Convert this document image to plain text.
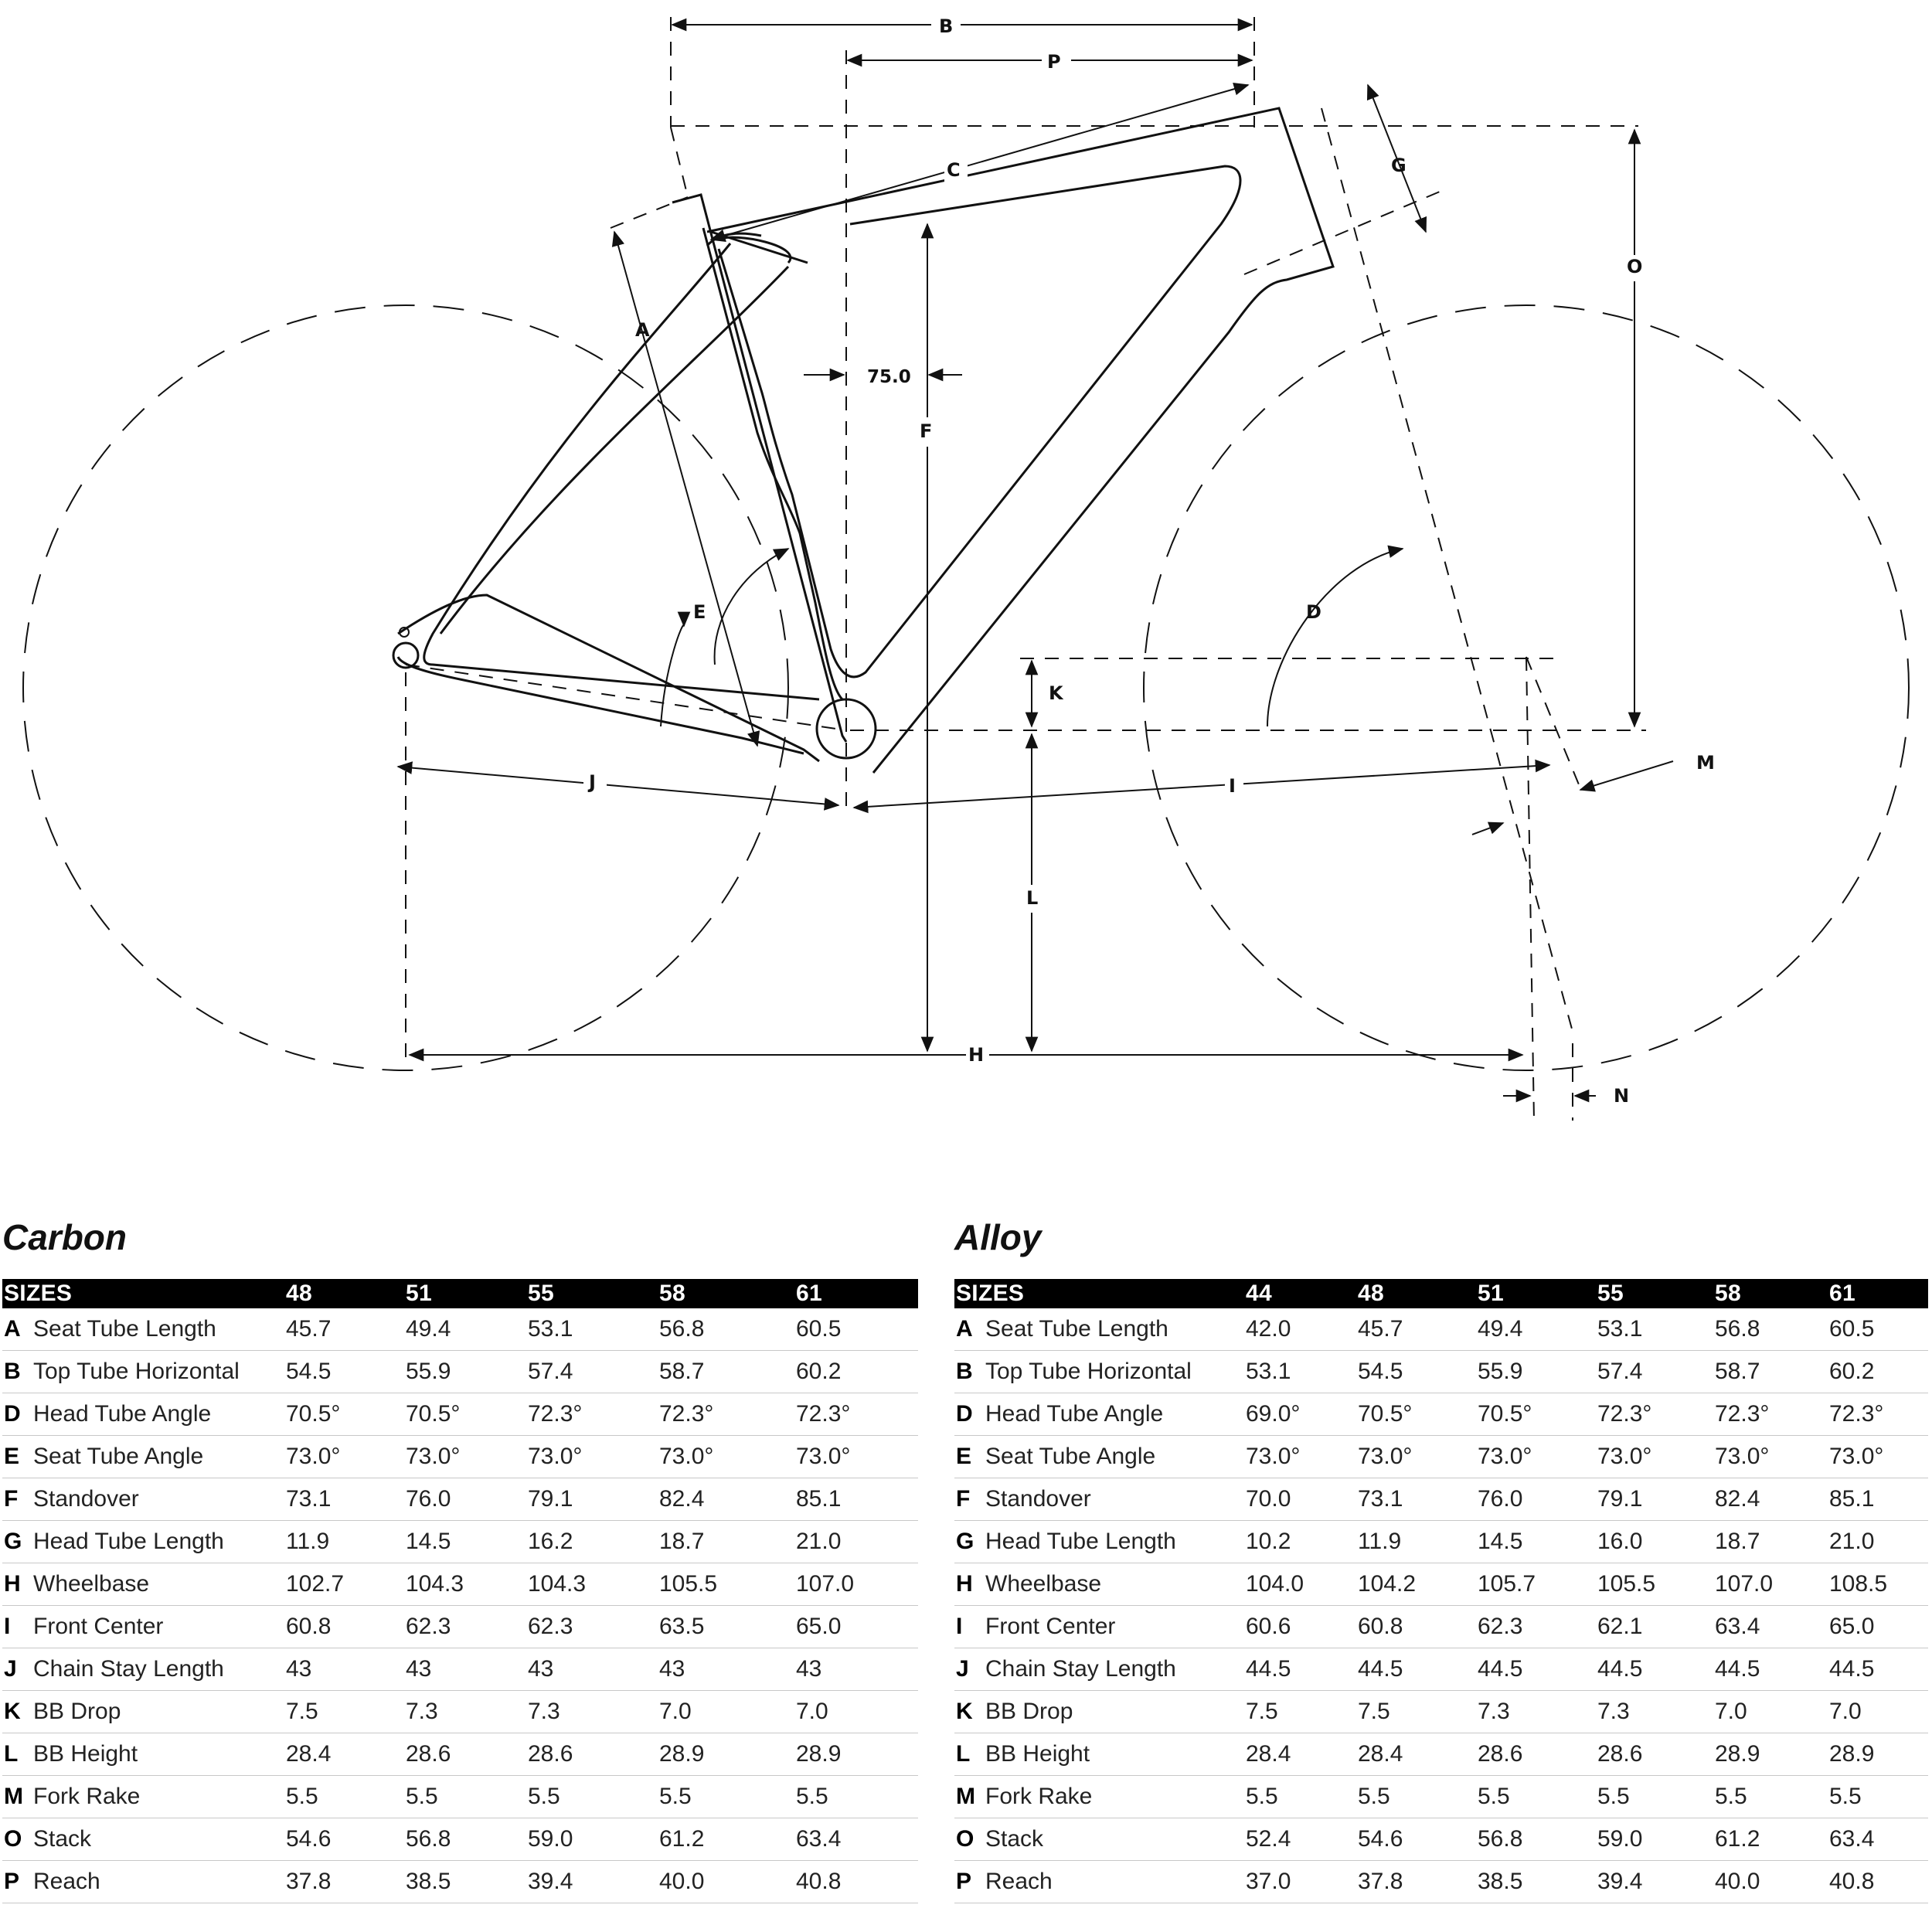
B
P
C	G
O
A
F
75.0
E	D
K
M
J	I
L
H
N
Carbon
SIZES	48	51	55	58	61
A Seat Tube Length	45.7	49.4	53.1	56.8	60.5
B Top Tube Horizontal	54.5	55.9	57.4	58.7	60.2
D Head Tube Angle	70.5°	70.5°	72.3°	72.3°	72.3°
E Seat Tube Angle	73.0°	73.0°	73.0°	73.0°	73.0°
F Standover	73.1	76.0	79.1	82.4	85.1
G Head Tube Length	11.9	14.5	16.2	18.7	21.0
H Wheelbase	102.7	104.3	104.3	105.5	107.0
I Front Center	60.8	62.3	62.3	63.5	65.0
J Chain Stay Length	43	43	43	43	43
K BB Drop	7.5	7.3	7.3	7.0	7.0
L BB Height	28.4	28.6	28.6	28.9	28.9
M Fork Rake	5.5	5.5	5.5	5.5	5.5
O Stack	54.6	56.8	59.0	61.2	63.4
P Reach	37.8	38.5	39.4	40.0	40.8
Alloy
SIZES	44	48	51	55	58	61
A Seat Tube Length	42.0	45.7	49.4	53.1	56.8	60.5
B Top Tube Horizontal	53.1	54.5	55.9	57.4	58.7	60.2
D Head Tube Angle	69.0°	70.5°	70.5°	72.3°	72.3°	72.3°
E Seat Tube Angle	73.0°	73.0°	73.0°	73.0°	73.0°	73.0°
F Standover	70.0	73.1	76.0	79.1	82.4	85.1
G Head Tube Length	10.2	11.9	14.5	16.0	18.7	21.0
H Wheelbase	104.0	104.2	105.7	105.5	107.0	108.5
I Front Center	60.6	60.8	62.3	62.1	63.4	65.0
J Chain Stay Length	44.5	44.5	44.5	44.5	44.5	44.5
K BB Drop	7.5	7.5	7.3	7.3	7.0	7.0
L BB Height	28.4	28.4	28.6	28.6	28.9	28.9
M Fork Rake	5.5	5.5	5.5	5.5	5.5	5.5
O Stack	52.4	54.6	56.8	59.0	61.2	63.4
P Reach	37.0	37.8	38.5	39.4	40.0	40.8
